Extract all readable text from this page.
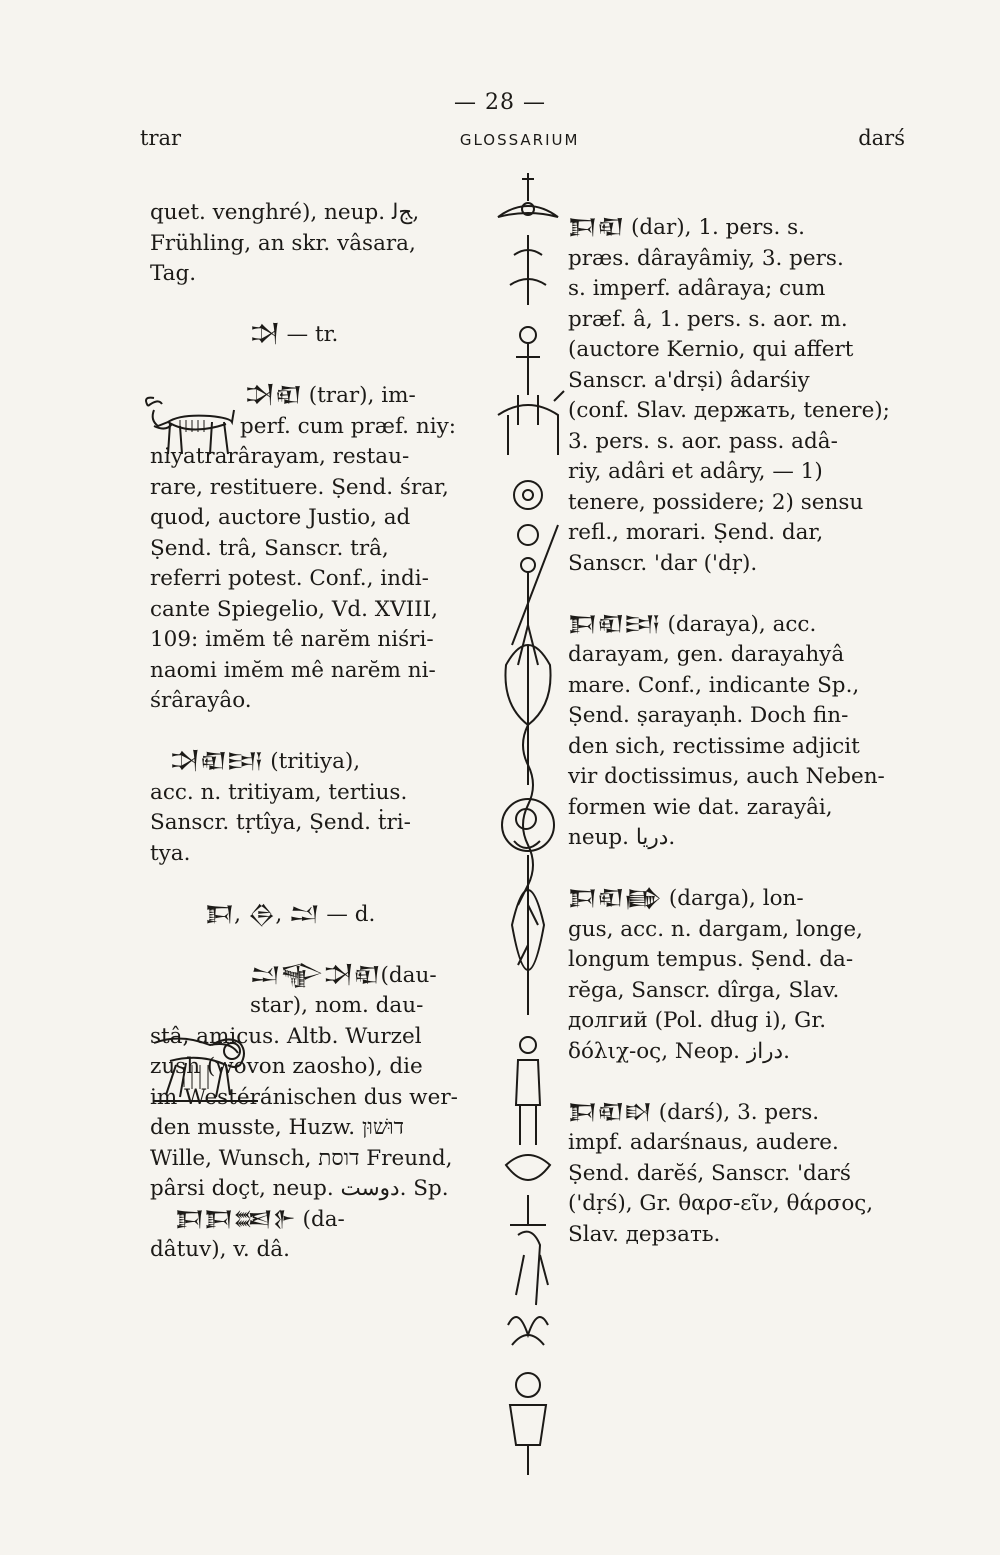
— 28 —
trar	GLOSSARIUM	darś
quet. venghré), neup. ﺞﻟ,
Frühling, an skr. vâsara,
Tag.
𒋫 — tr.
𒋫𒊏 (trar), im-
perf. cum præf. niy:
niyatrarârayam, restau-
rare, restituere. Ṣend. śrar,
quod, auctore Justio, ad
Ṣend. trâ, Sanscr. trâ,
referri potest. Conf., indi-
cante Spiegelio, Vd. XVIII,
109: imĕm tê narĕm niśri-
naomi imĕm mê narĕm ni-
śrârayâo.
𒋫𒊏𒅀 (tritiya),
acc. n. tritiyam, tertius.
Sanscr. tṛtîya, Ṣend. ṫri-
tya.
𒁕, 𒁲, 𒁺 — d.
𒁺𒊍𒋫𒊏(dau-
star), nom. dau-
stâ, amicus. Altb. Wurzel
zush (wovon zaosho), die
im Westéránischen dus wer-
den musste, Huzw. דוּשׁוּן
Wille, Wunsch, דוסת Freund,
pârsi doçt, neup. دوست. Sp.
𒁕𒁕𒌅𒉿 (da-
dâtuv), v. dâ.
𒁕𒊏 (dar), 1. pers. s.
præs. dârayâmiy, 3. pers.
s. imperf. adâraya; cum
præf. â, 1. pers. s. aor. m.
(auctore Kernio, qui affert
Sanscr. a'drṣi) âdarśiy
(conf. Slav. держать, tenere);
3. pers. s. aor. pass. adâ-
riy, adâri et adâry, — 1)
tenere, possidere; 2) sensu
refl., morari. Ṣend. dar,
Sanscr. 'dar ('dṛ).
𒁕𒊏𒅀 (daraya), acc.
darayam, gen. darayahyâ
mare. Conf., indicante Sp.,
Ṣend. ṣarayaṇh. Doch fin-
den sich, rectissime adjicit
vir doctissimus, auch Neben-
formen wie dat. zarayâi,
neup. دريا.
𒁕𒊏𒂵 (darga), lon-
gus, acc. n. dargam, longe,
longum tempus. Ṣend. da-
rĕga, Sanscr. dîrga, Slav.
долгий (Pol. dług i), Gr.
δόλιχ-ος, Neop. دراز.
𒁕𒊏𒊭 (darś), 3. pers.
impf. adarśnaus, audere.
Ṣend. darĕś, Sanscr. 'darś
('dṛś), Gr. θαρσ-εῖν, θάρσος,
Slav. дерзать.
